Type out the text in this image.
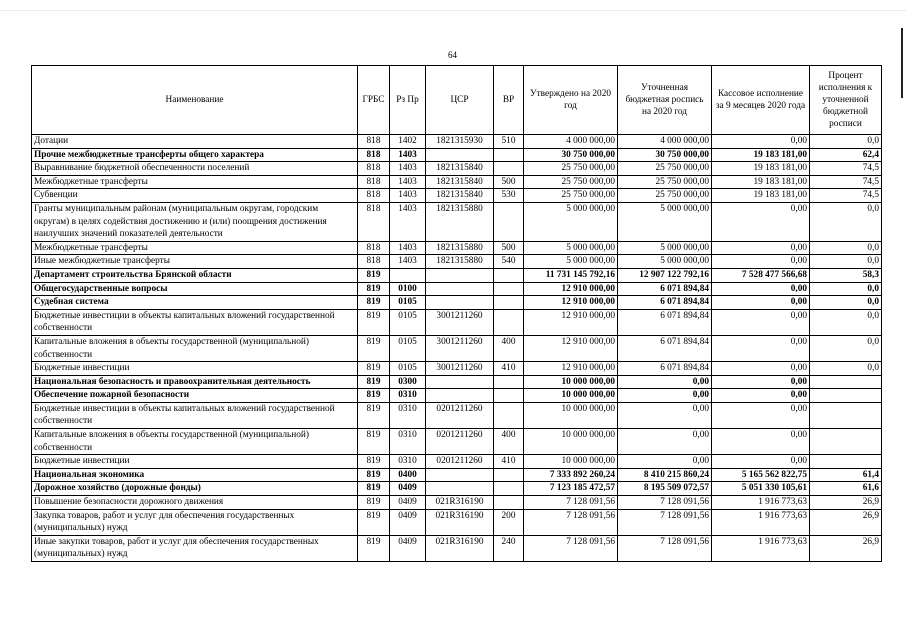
64
Наименование	ГРБС	Рз Пр	ЦСР	ВР	Утверждено на 2020 год	Уточненная бюджетная роспись на 2020 год	Кассовое исполнение за 9 месяцев 2020 года	Процент исполнения к уточненной бюджетной росписи
Дотации	818	1402	1821315930	510	4 000 000,00	4 000 000,00	0,00	0,0
Прочие межбюджетные трансферты общего характера	818	1403			30 750 000,00	30 750 000,00	19 183 181,00	62,4
Выравнивание бюджетной обеспеченности поселений	818	1403	1821315840		25 750 000,00	25 750 000,00	19 183 181,00	74,5
Межбюджетные трансферты	818	1403	1821315840	500	25 750 000,00	25 750 000,00	19 183 181,00	74,5
Субвенции	818	1403	1821315840	530	25 750 000,00	25 750 000,00	19 183 181,00	74,5
Гранты муниципальным районам (муниципальным округам, городским округам) в целях содействия достижению и (или) поощрения достижения наилучших значений показателей деятельности	818	1403	1821315880		5 000 000,00	5 000 000,00	0,00	0,0
Межбюджетные трансферты	818	1403	1821315880	500	5 000 000,00	5 000 000,00	0,00	0,0
Иные межбюджетные трансферты	818	1403	1821315880	540	5 000 000,00	5 000 000,00	0,00	0,0
Департамент строительства Брянской области	819				11 731 145 792,16	12 907 122 792,16	7 528 477 566,68	58,3
Общегосударственные вопросы	819	0100			12 910 000,00	6 071 894,84	0,00	0,0
Судебная система	819	0105			12 910 000,00	6 071 894,84	0,00	0,0
Бюджетные инвестиции в объекты капитальных вложений государственной собственности	819	0105	3001211260		12 910 000,00	6 071 894,84	0,00	0,0
Капитальные вложения в объекты государственной (муниципальной) собственности	819	0105	3001211260	400	12 910 000,00	6 071 894,84	0,00	0,0
Бюджетные инвестиции	819	0105	3001211260	410	12 910 000,00	6 071 894,84	0,00	0,0
Национальная безопасность и правоохранительная деятельность	819	0300			10 000 000,00	0,00	0,00	
Обеспечение пожарной безопасности	819	0310			10 000 000,00	0,00	0,00	
Бюджетные инвестиции в объекты капитальных вложений государственной собственности	819	0310	0201211260		10 000 000,00	0,00	0,00	
Капитальные вложения в объекты государственной (муниципальной) собственности	819	0310	0201211260	400	10 000 000,00	0,00	0,00	
Бюджетные инвестиции	819	0310	0201211260	410	10 000 000,00	0,00	0,00	
Национальная экономика	819	0400			7 333 892 260,24	8 410 215 860,24	5 165 562 822,75	61,4
Дорожное хозяйство (дорожные фонды)	819	0409			7 123 185 472,57	8 195 509 072,57	5 051 330 105,61	61,6
Повышение безопасности дорожного движения	819	0409	021R316190		7 128 091,56	7 128 091,56	1 916 773,63	26,9
Закупка товаров, работ и услуг для обеспечения государственных (муниципальных) нужд	819	0409	021R316190	200	7 128 091,56	7 128 091,56	1 916 773,63	26,9
Иные закупки товаров, работ и услуг для обеспечения государственных (муниципальных) нужд	819	0409	021R316190	240	7 128 091,56	7 128 091,56	1 916 773,63	26,9
